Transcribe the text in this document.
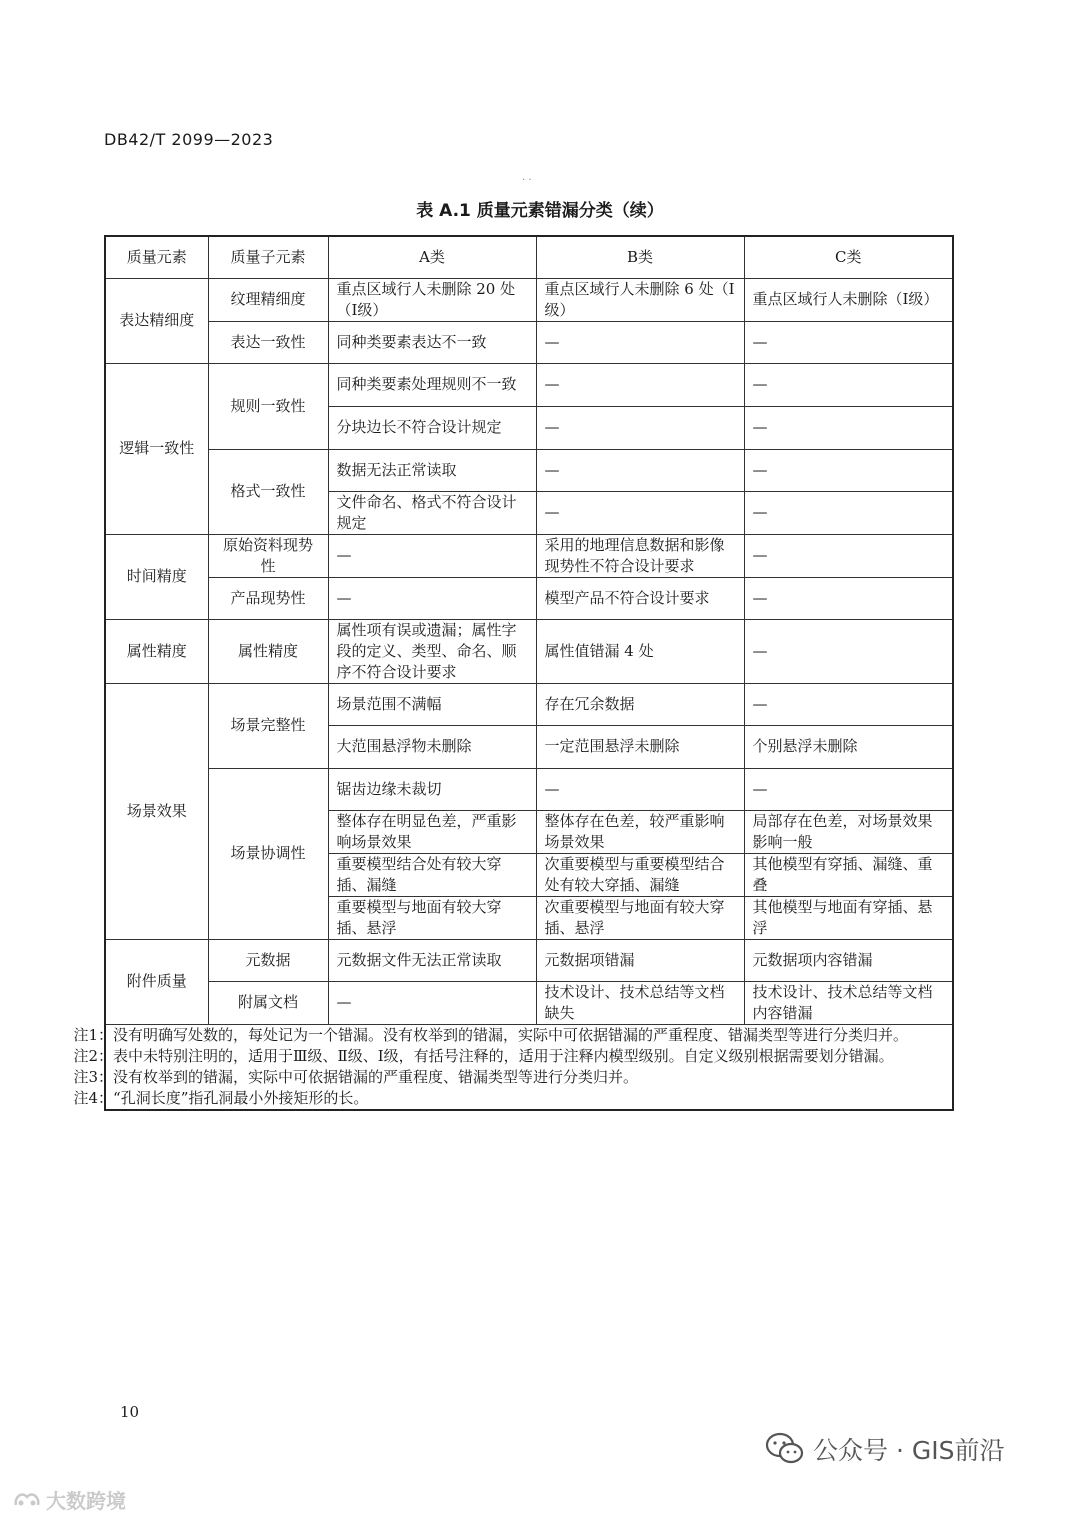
DB42/T 2099—2023
. .
表 A.1 质量元素错漏分类（续）
质量元素	质量子元素	A类	B类	C类
表达精细度	纹理精细度	重点区域行人未删除 20 处（Ⅰ级）	重点区域行人未删除 6 处（Ⅰ级）	重点区域行人未删除（Ⅰ级）
	表达一致性	同种类要素表达不一致	—	—
逻辑一致性	规则一致性	同种类要素处理规则不一致	—	—
		分块边长不符合设计规定	—	—
	格式一致性	数据无法正常读取	—	—
		文件命名、格式不符合设计规定	—	—
时间精度	原始资料现势性	—	采用的地理信息数据和影像现势性不符合设计要求	—
	产品现势性	—	模型产品不符合设计要求	—
属性精度	属性精度	属性项有误或遗漏；属性字段的定义、类型、命名、顺序不符合设计要求	属性值错漏 4 处	—
场景效果	场景完整性	场景范围不满幅	存在冗余数据	—
		大范围悬浮物未删除	一定范围悬浮未删除	个别悬浮未删除
	场景协调性	锯齿边缘未裁切	—	—
		整体存在明显色差，严重影响场景效果	整体存在色差，较严重影响场景效果	局部存在色差，对场景效果影响一般
		重要模型结合处有较大穿插、漏缝	次重要模型与重要模型结合处有较大穿插、漏缝	其他模型有穿插、漏缝、重叠
		重要模型与地面有较大穿插、悬浮	次重要模型与地面有较大穿插、悬浮	其他模型与地面有穿插、悬浮
附件质量	元数据	元数据文件无法正常读取	元数据项错漏	元数据项内容错漏
	附属文档	—	技术设计、技术总结等文档缺失	技术设计、技术总结等文档内容错漏

注1：没有明确写处数的，每处记为一个错漏。没有枚举到的错漏，实际中可依据错漏的严重程度、错漏类型等进行分类归并。
注2：表中未特别注明的，适用于Ⅲ级、Ⅱ级、Ⅰ级，有括号注释的，适用于注释内模型级别。自定义级别根据需要划分错漏。
注3：没有枚举到的错漏，实际中可依据错漏的严重程度、错漏类型等进行分类归并。
注4：“孔洞长度”指孔洞最小外接矩形的长。				
10
大数跨境
公众号 · GIS前沿
